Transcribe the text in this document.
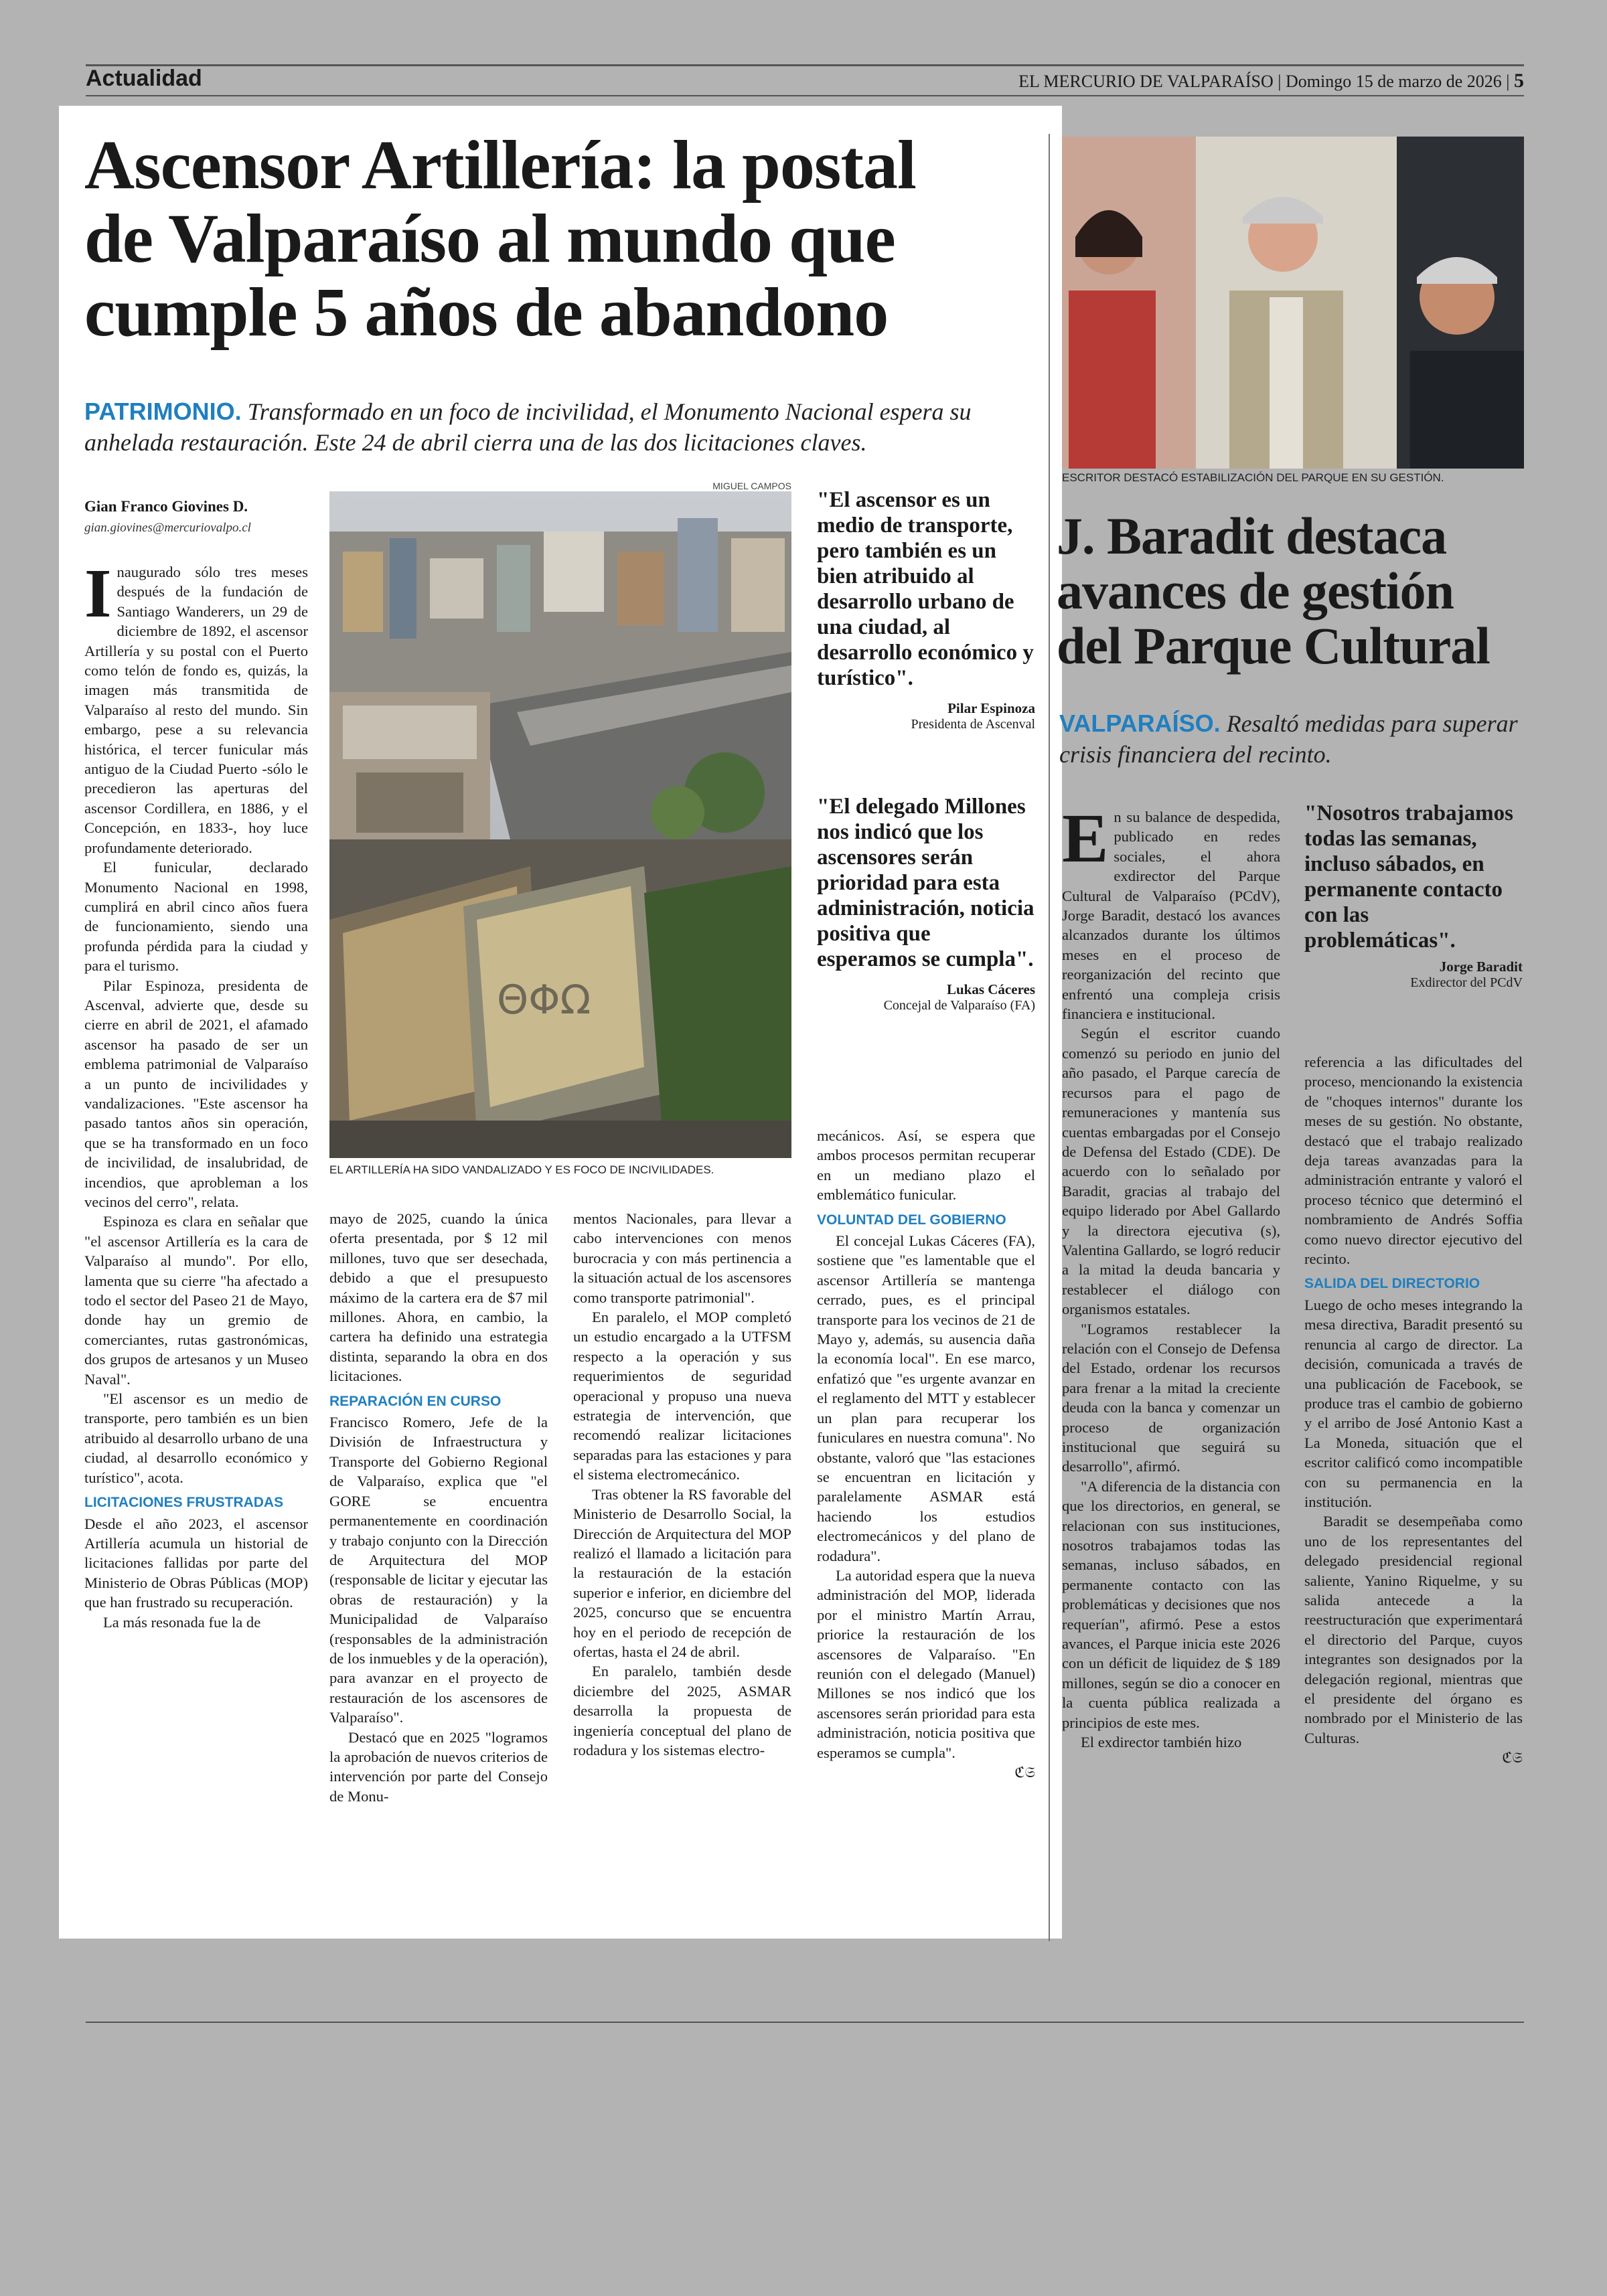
Actualidad	EL MERCURIO DE VALPARAÍSO | Domingo 15 de marzo de 2026 | 5
Ascensor Artillería: la postal
de Valparaíso al mundo que
cumple 5 años de abandono
PATRIMONIO. Transformado en un foco de incivilidad, el Monumento Nacional espera su anhelada restauración. Este 24 de abril cierra una de las dos licitaciones claves.
Gian Franco Giovines D.
gian.giovines@mercuriovalpo.cl
MIGUEL CAMPOS
ΘΦΩ
EL ARTILLERÍA HA SIDO VANDALIZADO Y ES FOCO DE INCIVILIDADES.

Inaugurado sólo tres meses después de la fundación de Santiago Wanderers, un 29 de diciembre de 1892, el ascensor Artillería y su postal con el Puerto como telón de fondo es, quizás, la imagen más transmitida de Valparaíso al resto del mundo. Sin embargo, pese a su relevancia histórica, el tercer funicular más antiguo de la Ciudad Puerto -sólo le precedieron las aperturas del ascensor Cordillera, en 1886, y el Concepción, en 1833-, hoy luce profundamente deteriorado.

El funicular, declarado Monumento Nacional en 1998, cumplirá en abril cinco años fuera de funcionamiento, siendo una profunda pérdida para la ciudad y para el turismo.

Pilar Espinoza, presidenta de Ascenval, advierte que, desde su cierre en abril de 2021, el afamado ascensor ha pasado de ser un emblema patrimonial de Valparaíso a un punto de incivilidades y vandalizaciones. "Este ascensor ha pasado tantos años sin operación, que se ha transformado en un foco de incivilidad, de insalubridad, de incendios, que aprobleman a los vecinos del cerro", relata.

Espinoza es clara en señalar que "el ascensor Artillería es la cara de Valparaíso al mundo". Por ello, lamenta que su cierre "ha afectado a todo el sector del Paseo 21 de Mayo, donde hay un gremio de comerciantes, rutas gastronómicas, dos grupos de artesanos y un Museo Naval".

"El ascensor es un medio de transporte, pero también es un bien atribuido al desarrollo urbano de una ciudad, al desarrollo económico y turístico", acota.

LICITACIONES FRUSTRADAS

Desde el año 2023, el ascensor Artillería acumula un historial de licitaciones fallidas por parte del Ministerio de Obras Públicas (MOP) que han frustrado su recuperación.

La más resonada fue la de

mayo de 2025, cuando la única oferta presentada, por $ 12 mil millones, tuvo que ser desechada, debido a que el presupuesto máximo de la cartera era de $7 mil millones. Ahora, en cambio, la cartera ha definido una estrategia distinta, separando la obra en dos licitaciones.

REPARACIÓN EN CURSO

Francisco Romero, Jefe de la División de Infraestructura y Transporte del Gobierno Regional de Valparaíso, explica que "el GORE se encuentra permanentemente en coordinación y trabajo conjunto con la Dirección de Arquitectura del MOP (responsable de licitar y ejecutar las obras de restauración) y la Municipalidad de Valparaíso (responsables de la administración de los inmuebles y de la operación), para avanzar en el proyecto de restauración de los ascensores de Valparaíso".

Destacó que en 2025 "logramos la aprobación de nuevos criterios de intervención por parte del Consejo de Monu-

mentos Nacionales, para llevar a cabo intervenciones con menos burocracia y con más pertinencia a la situación actual de los ascensores como transporte patrimonial".

En paralelo, el MOP completó un estudio encargado a la UTFSM respecto a la operación y sus requerimientos de seguridad operacional y propuso una nueva estrategia de intervención, que recomendó realizar licitaciones separadas para las estaciones y para el sistema electromecánico.

Tras obtener la RS favorable del Ministerio de Desarrollo Social, la Dirección de Arquitectura del MOP realizó el llamado a licitación para la restauración de la estación superior e inferior, en diciembre del 2025, concurso que se encuentra hoy en el periodo de recepción de ofertas, hasta el 24 de abril.

En paralelo, también desde diciembre del 2025, ASMAR desarrolla la propuesta de ingeniería conceptual del plano de rodadura y los sistemas electro-

"El ascensor es un medio de transporte, pero también es un bien atribuido al desarrollo urbano de una ciudad, al desarrollo económico y turístico".
Pilar Espinoza
Presidenta de Ascenval
"El delegado Millones nos indicó que los ascensores serán prioridad para esta administración, noticia positiva que esperamos se cumpla".
Lukas Cáceres
Concejal de Valparaíso (FA)

mecánicos. Así, se espera que ambos procesos permitan recuperar en un mediano plazo el emblemático funicular.

VOLUNTAD DEL GOBIERNO

El concejal Lukas Cáceres (FA), sostiene que "es lamentable que el ascensor Artillería se mantenga cerrado, pues, es el principal transporte para los vecinos de 21 de Mayo y, además, su ausencia daña la economía local". En ese marco, enfatizó que "es urgente avanzar en el reglamento del MTT y establecer un plan para recuperar los funiculares en nuestra comuna". No obstante, valoró que "las estaciones se encuentran en licitación y paralelamente ASMAR está haciendo los estudios electromecánicos y del plano de rodadura".

La autoridad espera que la nueva administración del MOP, liderada por el ministro Martín Arrau, priorice la restauración de los ascensores de Valparaíso. "En reunión con el delegado (Manuel) Millones se nos indicó que los ascensores serán prioridad para esta administración, noticia positiva que esperamos se cumpla".

ℭ𝔖
ESCRITOR DESTACÓ ESTABILIZACIÓN DEL PARQUE EN SU GESTIÓN.
J. Baradit destaca
avances de gestión
del Parque Cultural
VALPARAÍSO. Resaltó medidas para superar crisis financiera del recinto.

En su balance de despedida, publicado en redes sociales, el ahora exdirector del Parque Cultural de Valparaíso (PCdV), Jorge Baradit, destacó los avances alcanzados durante los últimos meses en el proceso de reorganización del recinto que enfrentó una compleja crisis financiera e institucional.

Según el escritor cuando comenzó su periodo en junio del año pasado, el Parque carecía de recursos para el pago de remuneraciones y mantenía sus cuentas embargadas por el Consejo de Defensa del Estado (CDE). De acuerdo con lo señalado por Baradit, gracias al trabajo del equipo liderado por Abel Gallardo y la directora ejecutiva (s), Valentina Gallardo, se logró reducir a la mitad la deuda bancaria y restablecer el diálogo con organismos estatales.

"Logramos restablecer la relación con el Consejo de Defensa del Estado, ordenar los recursos para frenar a la mitad la creciente deuda con la banca y comenzar un proceso de organización institucional que seguirá su desarrollo", afirmó.

"A diferencia de la distancia con que los directorios, en general, se relacionan con sus instituciones, nosotros trabajamos todas las semanas, incluso sábados, en permanente contacto con las problemáticas y decisiones que nos requerían", afirmó. Pese a estos avances, el Parque inicia este 2026 con un déficit de liquidez de $ 189 millones, según se dio a conocer en la cuenta pública realizada a principios de este mes.

El exdirector también hizo

"Nosotros trabajamos todas las semanas, incluso sábados, en permanente contacto con las problemáticas".
Jorge Baradit
Exdirector del PCdV

referencia a las dificultades del proceso, mencionando la existencia de "choques internos" durante los meses de su gestión. No obstante, destacó que el trabajo realizado deja tareas avanzadas para la administración entrante y valoró el proceso técnico que determinó el nombramiento de Andrés Soffia como nuevo director ejecutivo del recinto.

SALIDA DEL DIRECTORIO

Luego de ocho meses integrando la mesa directiva, Baradit presentó su renuncia al cargo de director. La decisión, comunicada a través de una publicación de Facebook, se produce tras el cambio de gobierno y el arribo de José Antonio Kast a La Moneda, situación que el escritor calificó como incompatible con su permanencia en la institución.

Baradit se desempeñaba como uno de los representantes del delegado presidencial regional saliente, Yanino Riquelme, y su salida antecede a la reestructuración que experimentará el directorio del Parque, cuyos integrantes son designados por la delegación regional, mientras que el presidente del órgano es nombrado por el Ministerio de las Culturas.

ℭ𝔖
